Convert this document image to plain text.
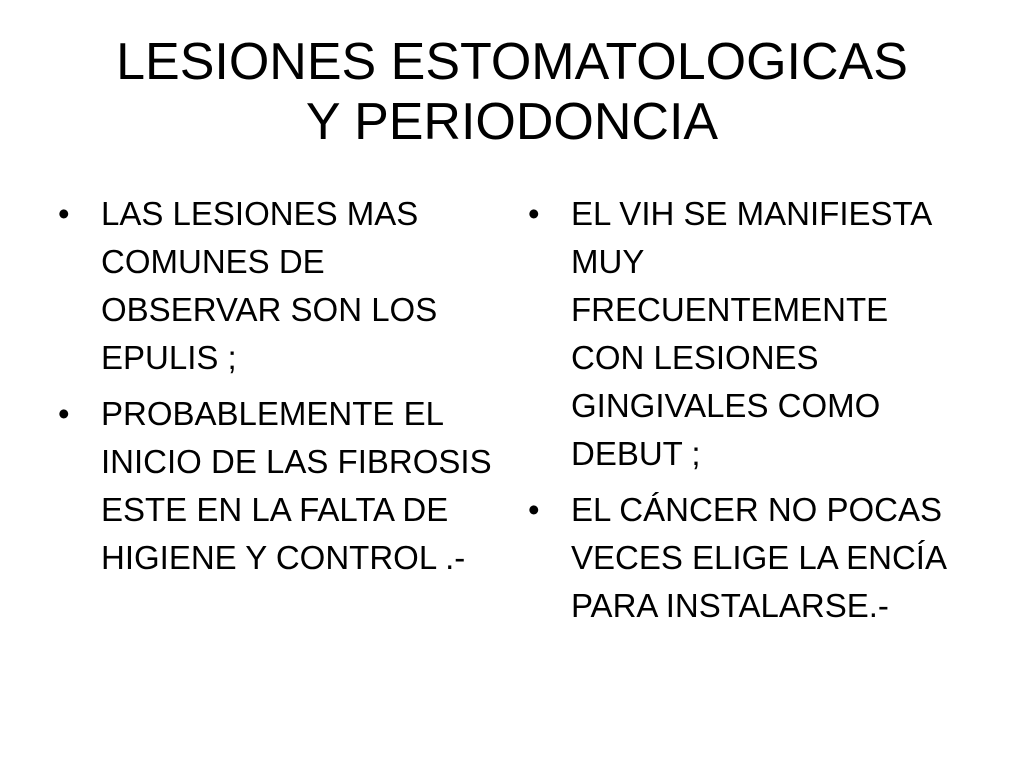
LESIONES ESTOMATOLOGICAS
Y PERIODONCIA
• LAS LESIONES MAS COMUNES DE OBSERVAR SON LOS EPULIS ;
• PROBABLEMENTE EL INICIO DE LAS FIBROSIS ESTE EN LA FALTA DE HIGIENE Y CONTROL .-
• EL VIH SE MANIFIESTA MUY FRECUENTEMENTE CON LESIONES GINGIVALES COMO DEBUT ;
• EL CÁNCER NO POCAS VECES ELIGE LA ENCÍA PARA INSTALARSE.-
